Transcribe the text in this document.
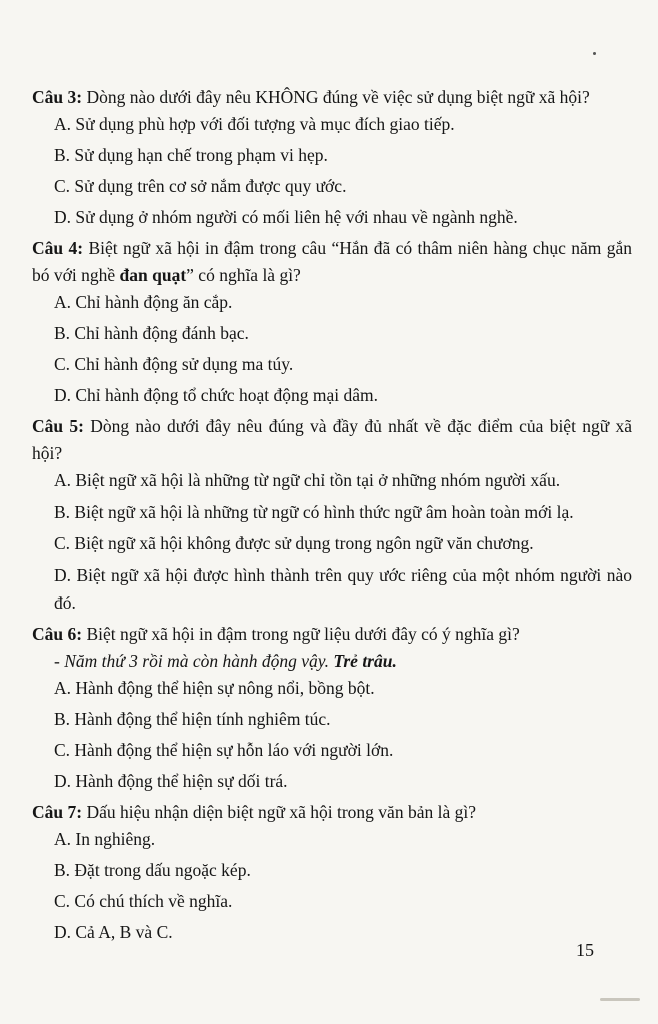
Câu 3: Dòng nào dưới đây nêu KHÔNG đúng về việc sử dụng biệt ngữ xã hội?

A. Sử dụng phù hợp với đối tượng và mục đích giao tiếp.

B. Sử dụng hạn chế trong phạm vi hẹp.

C. Sử dụng trên cơ sở nắm được quy ước.

D. Sử dụng ở nhóm người có mối liên hệ với nhau về ngành nghề.

Câu 4: Biệt ngữ xã hội in đậm trong câu “Hắn đã có thâm niên hàng chục năm gắn bó với nghề đan quạt” có nghĩa là gì?

A. Chỉ hành động ăn cắp.

B. Chỉ hành động đánh bạc.

C. Chỉ hành động sử dụng ma túy.

D. Chỉ hành động tổ chức hoạt động mại dâm.

Câu 5: Dòng nào dưới đây nêu đúng và đầy đủ nhất về đặc điểm của biệt ngữ xã hội?

A. Biệt ngữ xã hội là những từ ngữ chỉ tồn tại ở những nhóm người xấu.

B. Biệt ngữ xã hội là những từ ngữ có hình thức ngữ âm hoàn toàn mới lạ.

C. Biệt ngữ xã hội không được sử dụng trong ngôn ngữ văn chương.

D. Biệt ngữ xã hội được hình thành trên quy ước riêng của một nhóm người nào đó.

Câu 6: Biệt ngữ xã hội in đậm trong ngữ liệu dưới đây có ý nghĩa gì?

- Năm thứ 3 rồi mà còn hành động vậy. Trẻ trâu.

A. Hành động thể hiện sự nông nổi, bồng bột.

B. Hành động thể hiện tính nghiêm túc.

C. Hành động thể hiện sự hỗn láo với người lớn.

D. Hành động thể hiện sự dối trá.

Câu 7: Dấu hiệu nhận diện biệt ngữ xã hội trong văn bản là gì?

A. In nghiêng.

B. Đặt trong dấu ngoặc kép.

C. Có chú thích về nghĩa.

D. Cả A, B và C.

15
